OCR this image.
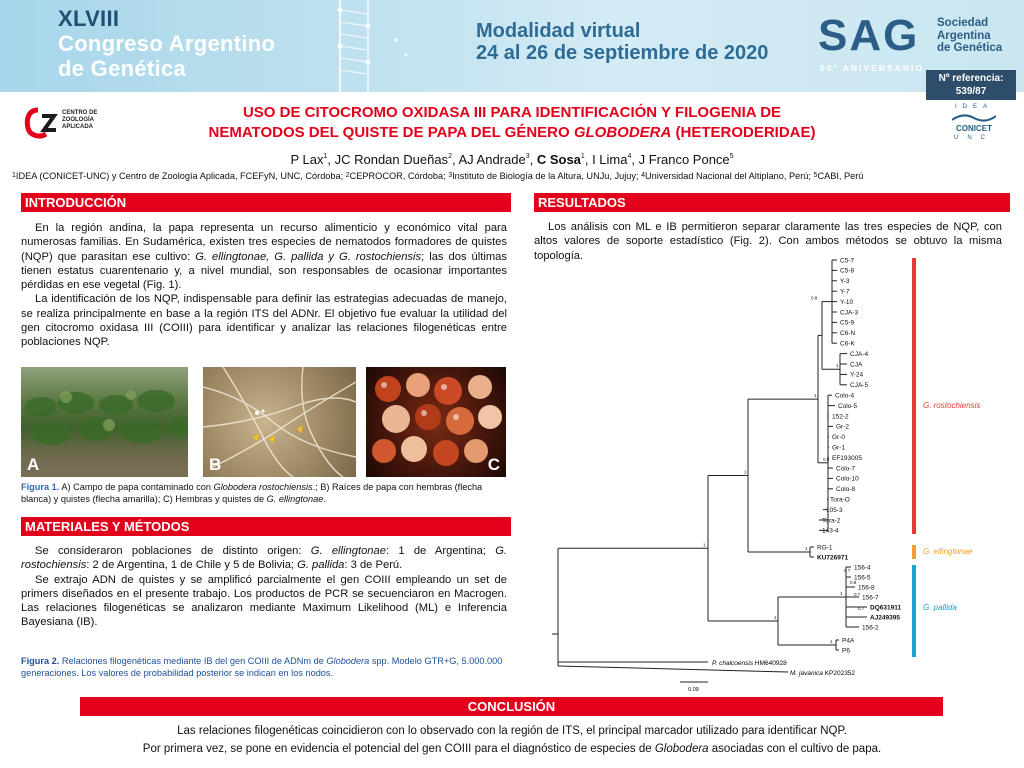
XLVIII
Congreso Argentino
de Genética
Modalidad virtual
24 al 26 de septiembre de 2020 SAG Sociedad
Argentina
de Genética
50° ANIVERSARIO
Nº referencia:
539/87
CENTRO DE
ZOOLOGÍA
APLICADA
IDEA
CONICET
UNC
USO DE CITOCROMO OXIDASA III PARA IDENTIFICACIÓN Y FILOGENIA DE
NEMATODOS DEL QUISTE DE PAPA DEL GÉNERO GLOBODERA (HETERODERIDAE)
P Lax$^1$, JC Rondan Dueñas$^2$, AJ Andrade$^3$, C Sosa$^1$, I Lima$^4$, J Franco Ponce$^5$
$^1$IDEA (CONICET-UNC) y Centro de Zoología Aplicada, FCEFyN, UNC, Córdoba; $^2$CEPROCOR, Córdoba; $^3$Instituto de Biología de la Altura, UNJu, Jujuy; $^4$Universidad Nacional del Altiplano, Perú; $^5$CABI, Perú
INTRODUCCIÓN

En la región andina, la papa representa un recurso alimenticio y económico vital para numerosas familias. En Sudamérica, existen tres especies de nematodos formadores de quistes (NQP) que parasitan ese cultivo: G. ellingtonae, G. pallida y G. rostochiensis; las dos últimas tienen estatus cuarentenario y, a nivel mundial, son responsables de ocasionar importantes pérdidas en ese vegetal (Fig. 1).

La identificación de los NQP, indispensable para definir las estrategias adecuadas de manejo, se realiza principalmente en base a la región ITS del ADNr. El objetivo fue evaluar la utilidad del gen citocromo oxidasa III (COIII) para identificar y analizar las relaciones filogenéticas entre poblaciones NQP.

A	B	C
Figura 1. A) Campo de papa contaminado con Globodera rostochiensis.; B) Raíces de papa con hembras (flecha blanca) y quistes (flecha amarilla); C) Hembras y quistes de G. ellingtonae.
MATERIALES Y MÉTODOS

Se consideraron poblaciones de distinto origen: G. ellingtonae: 1 de Argentina; G. rostochiensis: 2 de Argentina, 1 de Chile y 5 de Bolivia; G. pallida: 3 de Perú.

Se extrajo ADN de quistes y se amplificó parcialmente el gen COIII empleando un set de primers diseñados en el presente trabajo. Los productos de PCR se secuenciaron en Macrogen. Las relaciones filogenéticas se analizaron mediante Maximum Likelihood (ML) e Inferencia Bayesiana (IB).

Figura 2. Relaciones filogenéticas mediante IB del gen COIII de ADNm de Globodera spp. Modelo GTR+G, 5.000.000 generaciones. Los valores de probabilidad posterior se indican en los nodos.
RESULTADOS

Los análisis con ML e IB permitieron separar claramente las tres especies de NQP, con altos valores de soporte estadístico (Fig. 2). Con ambos métodos se obtuvo la misma topología.	C5-7
C5-8
Y-3
Y-7
Y-10
CJA-3
C5-9
C6-N
C6-K
CJA-4
CJA
Y-24
CJA-5
Colo-4
Colo-5
152-2
Gr-2
Gr-0
Gr-1
EF193005
Colo-7
Colo-10
Colo-8
Tora-O
105-3
Tora-2
143-4
RG-1
KU726971
156-4
156-5
156-8
156-7
DQ631911
AJ249395
156-2
P4A
P6
0.8
1
0.5
1
1
1
1
1
1
1
0.7
0.8
0.7
0.7
G. rostochiensis
G. ellingtonae
G. pallida
P. chalcoensis HM640928
M. javanica KP202352
0.09
CONCLUSIÓN
Las relaciones filogenéticas coincidieron con lo observado con la región de ITS, el principal marcador utilizado para identificar NQP.
Por primera vez, se pone en evidencia el potencial del gen COIII para el diagnóstico de especies de Globodera asociadas con el cultivo de papa.
